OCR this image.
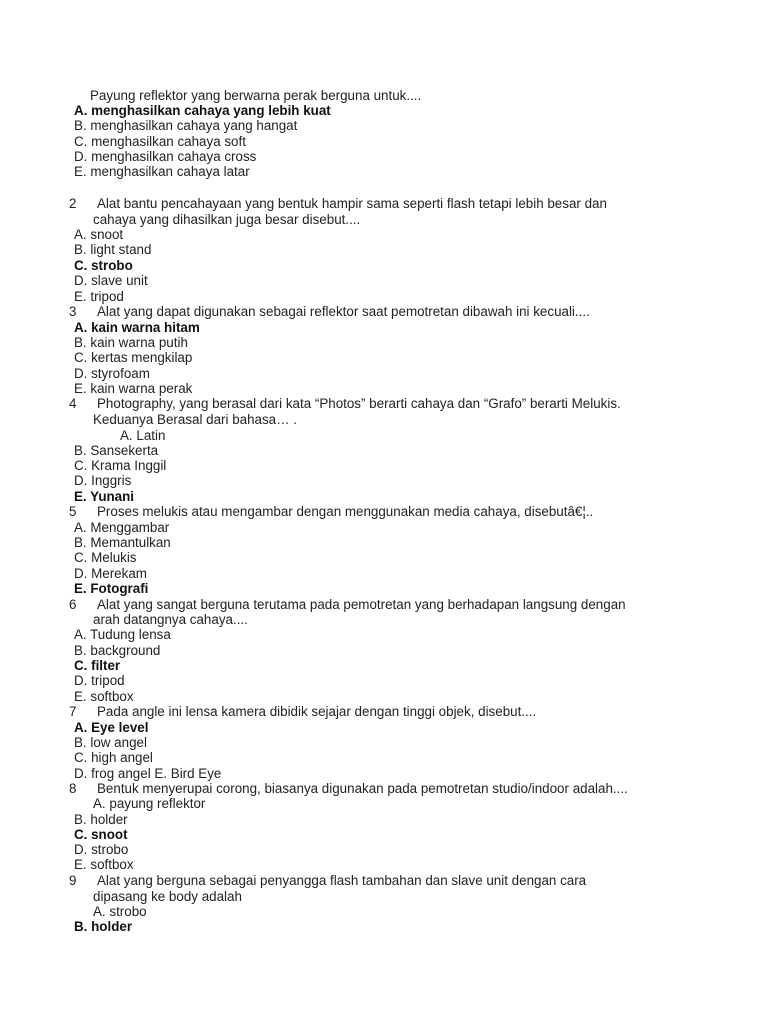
Payung reflektor yang berwarna perak berguna untuk....
A. menghasilkan cahaya yang lebih kuat
B. menghasilkan cahaya yang hangat
C. menghasilkan cahaya soft
D. menghasilkan cahaya cross
E. menghasilkan cahaya latar
2 Alat bantu pencahayaan yang bentuk hampir sama seperti flash tetapi lebih besar dan
cahaya yang dihasilkan juga besar disebut....
A. snoot
B. light stand
C. strobo
D. slave unit
E. tripod
3 Alat yang dapat digunakan sebagai reflektor saat pemotretan dibawah ini kecuali....
A. kain warna hitam
B. kain warna putih
C. kertas mengkilap
D. styrofoam
E. kain warna perak
4 Photography, yang berasal dari kata “Photos” berarti cahaya dan “Grafo” berarti Melukis.
Keduanya Berasal dari bahasa… .
A. Latin
B. Sansekerta
C. Krama Inggil
D. Inggris
E. Yunani
5 Proses melukis atau mengambar dengan menggunakan media cahaya, disebutâ€¦..
A. Menggambar
B. Memantulkan
C. Melukis
D. Merekam
E. Fotografi
6 Alat yang sangat berguna terutama pada pemotretan yang berhadapan langsung dengan
arah datangnya cahaya....
A. Tudung lensa
B. background
C. filter
D. tripod
E. softbox
7 Pada angle ini lensa kamera dibidik sejajar dengan tinggi objek, disebut....
A. Eye level
B. low angel
C. high angel
D. frog angel E. Bird Eye
8 Bentuk menyerupai corong, biasanya digunakan pada pemotretan studio/indoor adalah....
A. payung reflektor
B. holder
C. snoot
D. strobo
E. softbox
9 Alat yang berguna sebagai penyangga flash tambahan dan slave unit dengan cara
dipasang ke body adalah
A. strobo
B. holder
